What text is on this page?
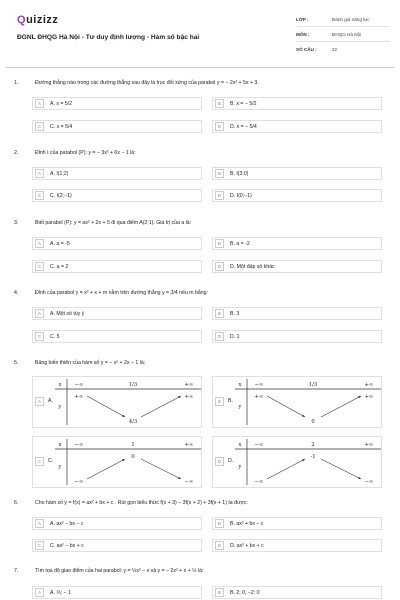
Quizizz
ĐGNL ĐHQG Hà Nội - Tư duy định lượng - Hàm số bậc hai
LỚP :	Đánh giá năng lực
MÔN :	ĐHQG Hà Nội
SỐ CÂU :	22
1.	Đường thẳng nào trong các đường thẳng sau đây là trục đối xứng của parabol y = − 2x² + 5x + 3.
A	A. x = 5/2	B	B. x = − 5/2
C	C. x = 5/4	D	D. x = − 5/4
2.	Đỉnh I của parabol (P): y = − 3x² + 6x − 1 là:
A	A. I(1;2)	B	B. I(3;0)
C	C. I(2;−1)	D	D. I(0;−1)
3.	Biết parabol (P): y = ax² + 2x + 5 đi qua điểm A(2;1). Giá trị của a là:
A	A. a = -5	B	B. a = -2
C	C. a = 2	D	D. Một đáp số khác
4.	Đỉnh của parabol y = x² + x + m nằm trên đường thẳng y = 3/4 nếu m bằng:
A	A. Một số tùy ý	B	B. 3
C	C. 5	D	D. 1
5.	Bảng biến thiên của hàm số y = − x² + 2x − 1 là:
A	A.
x
y
−∞	1/3	+∞
+∞	+∞
4/3
B	B.
x
y
−∞	1/3	+∞
+∞	+∞
0
C	C.
x
y
−∞	1	+∞
−∞	−∞
0
D	D.
x
y
−∞	2	+∞
−∞	−∞
-1
6.	Cho hàm số y = f(x) = ax² + bx + c . Rút gọn biểu thức f(x + 3) − 3f(x + 2) + 3f(x + 1) ta được:
A	A. ax² − bx − c	B	B. ax² + bx − c
C	C. ax² − bx + c	D	D. ax² + bx + c
7.	Tìm tọa độ giao điểm của hai parabol: y = ½x² − x và y = − 2x² + x + ½ là:
A	A. ⅓; − 1	B	B. 2; 0, −2; 0
